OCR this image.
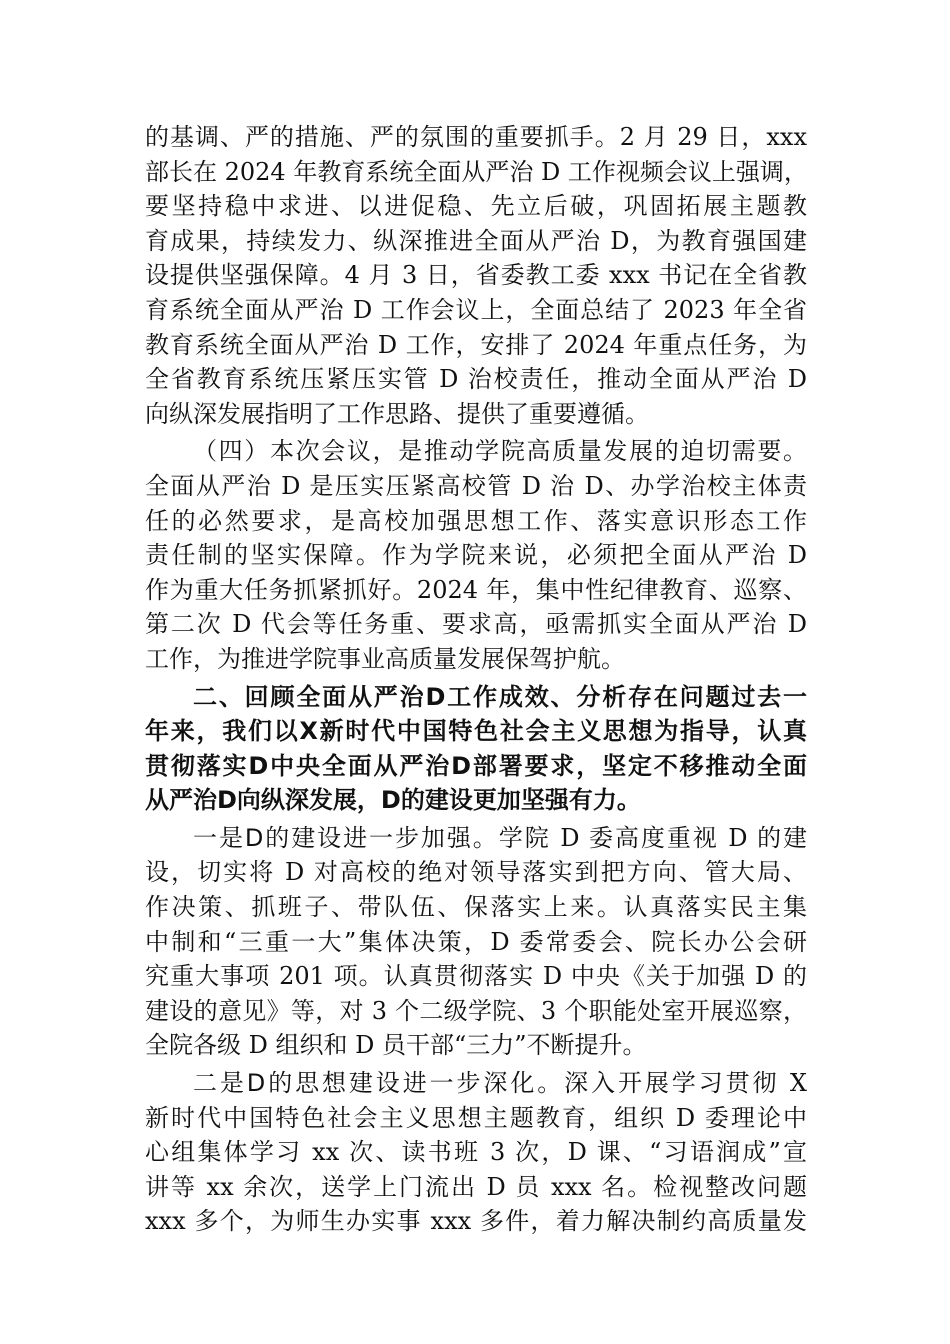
的基调、严的措施、严的氛围的重要抓手。2 月 29 日，xxx
部长在 2024 年教育系统全面从严治 D 工作视频会议上强调，
要坚持稳中求进、以进促稳、先立后破，巩固拓展主题教
育成果，持续发力、纵深推进全面从严治 D，为教育强国建
设提供坚强保障。4 月 3 日，省委教工委 xxx 书记在全省教
育系统全面从严治 D 工作会议上，全面总结了 2023 年全省
教育系统全面从严治 D 工作，安排了 2024 年重点任务，为
全省教育系统压紧压实管 D 治校责任，推动全面从严治 D
向纵深发展指明了工作思路、提供了重要遵循。
（四）本次会议，是推动学院高质量发展的迫切需要。
全面从严治 D 是压实压紧高校管 D 治 D、办学治校主体责
任的必然要求，是高校加强思想工作、落实意识形态工作
责任制的坚实保障。作为学院来说，必须把全面从严治 D
作为重大任务抓紧抓好。2024 年，集中性纪律教育、巡察、
第二次 D 代会等任务重、要求高，亟需抓实全面从严治 D
工作，为推进学院事业高质量发展保驾护航。
二、回顾全面从严治D工作成效、分析存在问题过去一
年来，我们以X新时代中国特色社会主义思想为指导，认真
贯彻落实D中央全面从严治D部署要求，坚定不移推动全面
从严治D向纵深发展，D的建设更加坚强有力。
一是D的建设进一步加强。学院 D 委高度重视 D 的建
设，切实将 D 对高校的绝对领导落实到把方向、管大局、
作决策、抓班子、带队伍、保落实上来。认真落实民主集
中制和“三重一大”集体决策，D 委常委会、院长办公会研
究重大事项 201 项。认真贯彻落实 D 中央《关于加强 D 的
建设的意见》等，对 3 个二级学院、3 个职能处室开展巡察，
全院各级 D 组织和 D 员干部“三力”不断提升。
二是D的思想建设进一步深化。深入开展学习贯彻 X
新时代中国特色社会主义思想主题教育，组织 D 委理论中
心组集体学习 xx 次、读书班 3 次，D 课、“习语润成”宣
讲等 xx 余次，送学上门流出 D 员 xxx 名。检视整改问题
xxx 多个，为师生办实事 xxx 多件，着力解决制约高质量发
